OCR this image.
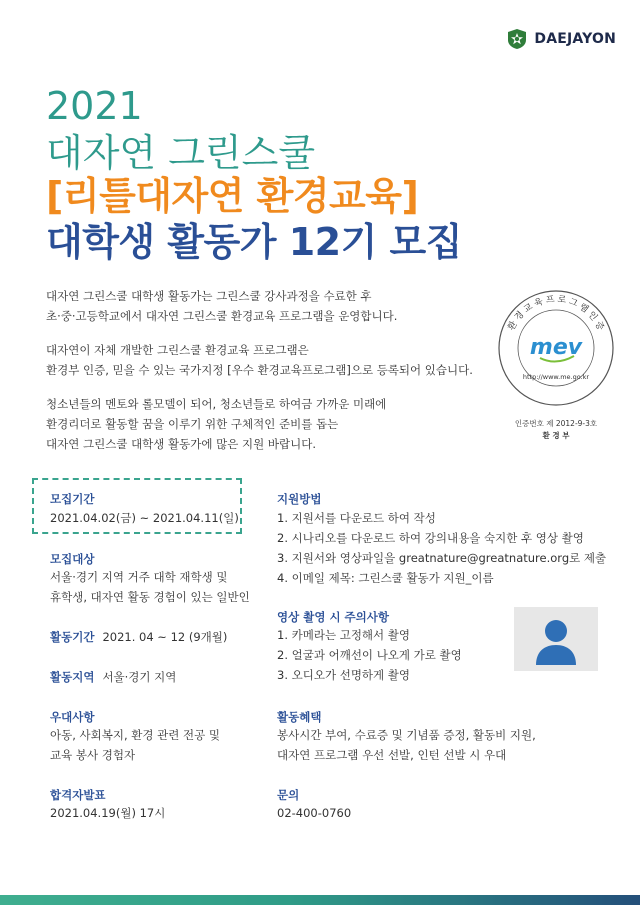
DAEJAYON
2021
대자연 그린스쿨
[리틀대자연 환경교육]
대학생 활동가 12기 모집

대자연 그린스쿨 대학생 활동가는 그린스쿨 강사과정을 수료한 후
초·중·고등학교에서 대자연 그린스쿨 환경교육 프로그램을 운영합니다.

대자연이 자체 개발한 그린스쿨 환경교육 프로그램은
환경부 인증, 믿을 수 있는 국가지정 [우수 환경교육프로그램]으로 등록되어 있습니다.

청소년들의 멘토와 롤모델이 되어, 청소년들로 하여금 가까운 미래에
환경리더로 활동할 꿈을 이루기 위한 구체적인 준비를 돕는
대자연 그린스쿨 대학생 활동가에 많은 지원 바랍니다.

환경교육프로그램인증
mev
http://www.me.go.kr
인증번호 제 2012-9-3호
환 경 부
모집기간
2021.04.02(금) ~ 2021.04.11(일)
모집대상
서울·경기 지역 거주 대학 재학생 및
휴학생, 대자연 활동 경험이 있는 일반인
활동기간 2021. 04 ~ 12 (9개월)
활동지역 서울·경기 지역
우대사항
아동, 사회복지, 환경 관련 전공 및
교육 봉사 경험자
합격자발표
2021.04.19(월) 17시
지원방법
1. 지원서를 다운로드 하여 작성
2. 시나리오를 다운로드 하여 강의내용을 숙지한 후 영상 촬영
3. 지원서와 영상파일을 greatnature@greatnature.org로 제출
4. 이메일 제목: 그린스쿨 활동가 지원_이름
영상 촬영 시 주의사항
1. 카메라는 고정해서 촬영
2. 얼굴과 어깨선이 나오게 가로 촬영
3. 오디오가 선명하게 촬영
활동혜택
봉사시간 부여, 수료증 및 기념품 증정, 활동비 지원,
대자연 프로그램 우선 선발, 인턴 선발 시 우대
문의
02-400-0760
